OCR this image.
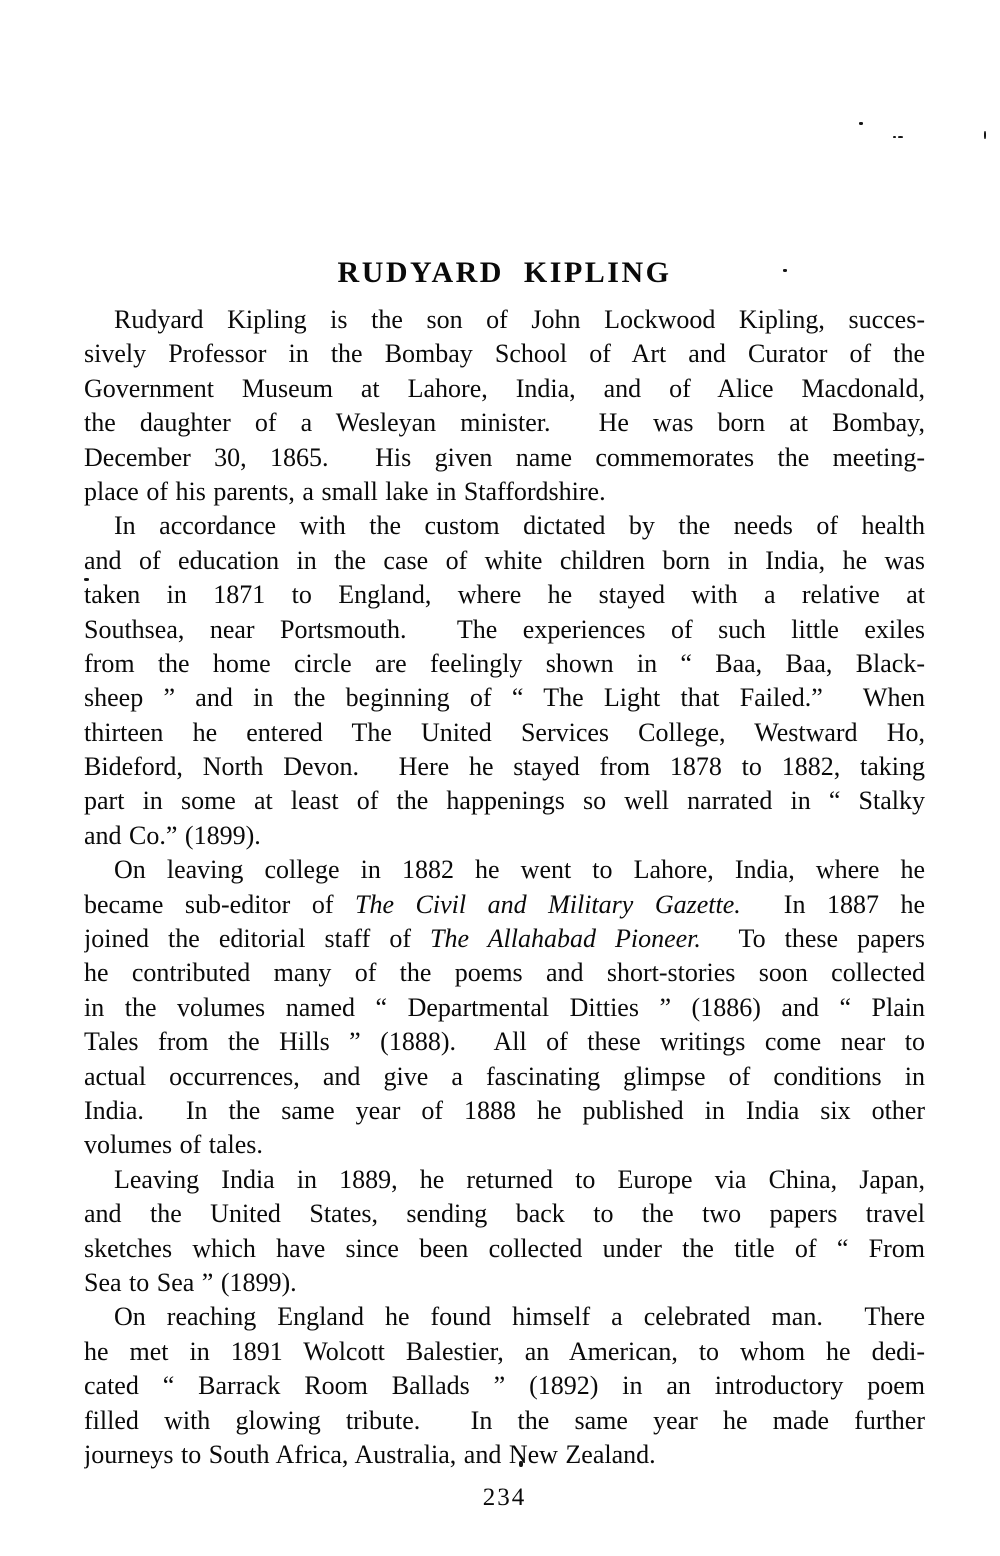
RUDYARD KIPLING
Rudyard Kipling is the son of John Lockwood Kipling, succes-
sively Professor in the Bombay School of Art and Curator of the
Government Museum at Lahore, India, and of Alice Macdonald,
the daughter of a Wesleyan minister.  He was born at Bombay,
December 30, 1865.  His given name commemorates the meeting-
place of his parents, a small lake in Staffordshire.
In accordance with the custom dictated by the needs of health
and of education in the case of white children born in India, he was
taken in 1871 to England, where he stayed with a relative at
Southsea, near Portsmouth.  The experiences of such little exiles
from the home circle are feelingly shown in “ Baa, Baa, Black-
sheep ” and in the beginning of “ The Light that Failed.”  When
thirteen he entered The United Services College, Westward Ho,
Bideford, North Devon.  Here he stayed from 1878 to 1882, taking
part in some at least of the happenings so well narrated in “ Stalky
and Co.” (1899).
On leaving college in 1882 he went to Lahore, India, where he
became sub-editor of The Civil and Military Gazette.  In 1887 he
joined the editorial staff of The Allahabad Pioneer.  To these papers
he contributed many of the poems and short-stories soon collected
in the volumes named “ Departmental Ditties ” (1886) and “ Plain
Tales from the Hills ” (1888).  All of these writings come near to
actual occurrences, and give a fascinating glimpse of conditions in
India.  In the same year of 1888 he published in India six other
volumes of tales.
Leaving India in 1889, he returned to Europe via China, Japan,
and the United States, sending back to the two papers travel
sketches which have since been collected under the title of “ From
Sea to Sea ” (1899).
On reaching England he found himself a celebrated man.  There
he met in 1891 Wolcott Balestier, an American, to whom he dedi-
cated “ Barrack Room Ballads ” (1892) in an introductory poem
filled with glowing tribute.  In the same year he made further
journeys to South Africa, Australia, and New Zealand.
234
